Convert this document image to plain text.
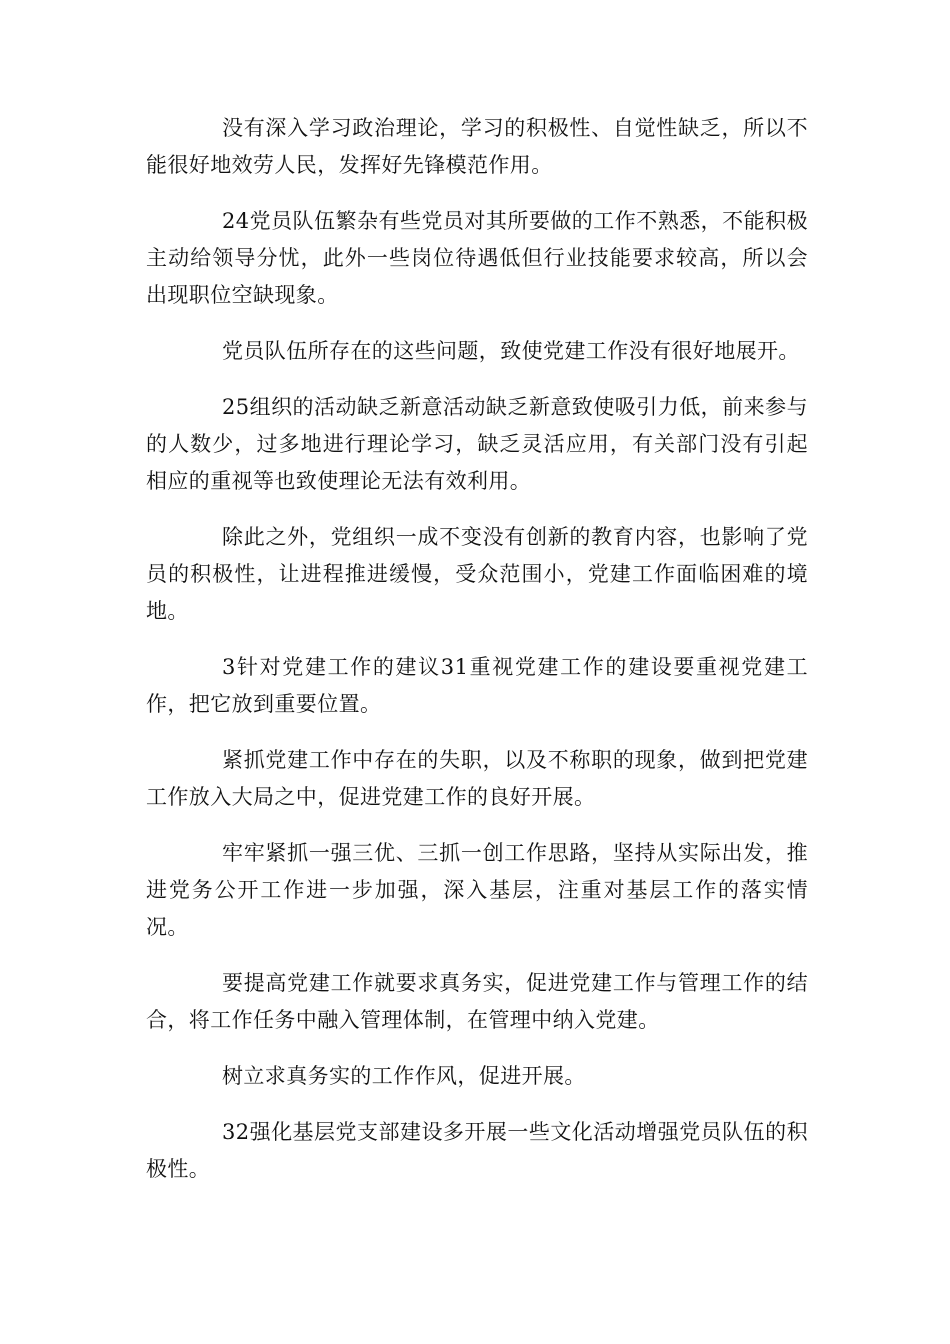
没有深入学习政治理论，学习的积极性、自觉性缺乏，所以不能很好地效劳人民，发挥好先锋模范作用。

24党员队伍繁杂有些党员对其所要做的工作不熟悉，不能积极主动给领导分忧，此外一些岗位待遇低但行业技能要求较高，所以会出现职位空缺现象。

党员队伍所存在的这些问题，致使党建工作没有很好地展开。

25组织的活动缺乏新意活动缺乏新意致使吸引力低，前来参与的人数少，过多地进行理论学习，缺乏灵活应用，有关部门没有引起相应的重视等也致使理论无法有效利用。

除此之外，党组织一成不变没有创新的教育内容，也影响了党员的积极性，让进程推进缓慢，受众范围小，党建工作面临困难的境地。

3针对党建工作的建议31重视党建工作的建设要重视党建工作，把它放到重要位置。

紧抓党建工作中存在的失职，以及不称职的现象，做到把党建工作放入大局之中，促进党建工作的良好开展。

牢牢紧抓一强三优、三抓一创工作思路，坚持从实际出发，推进党务公开工作进一步加强，深入基层，注重对基层工作的落实情况。

要提高党建工作就要求真务实，促进党建工作与管理工作的结合，将工作任务中融入管理体制，在管理中纳入党建。

树立求真务实的工作作风，促进开展。

32强化基层党支部建设多开展一些文化活动增强党员队伍的积极性。
